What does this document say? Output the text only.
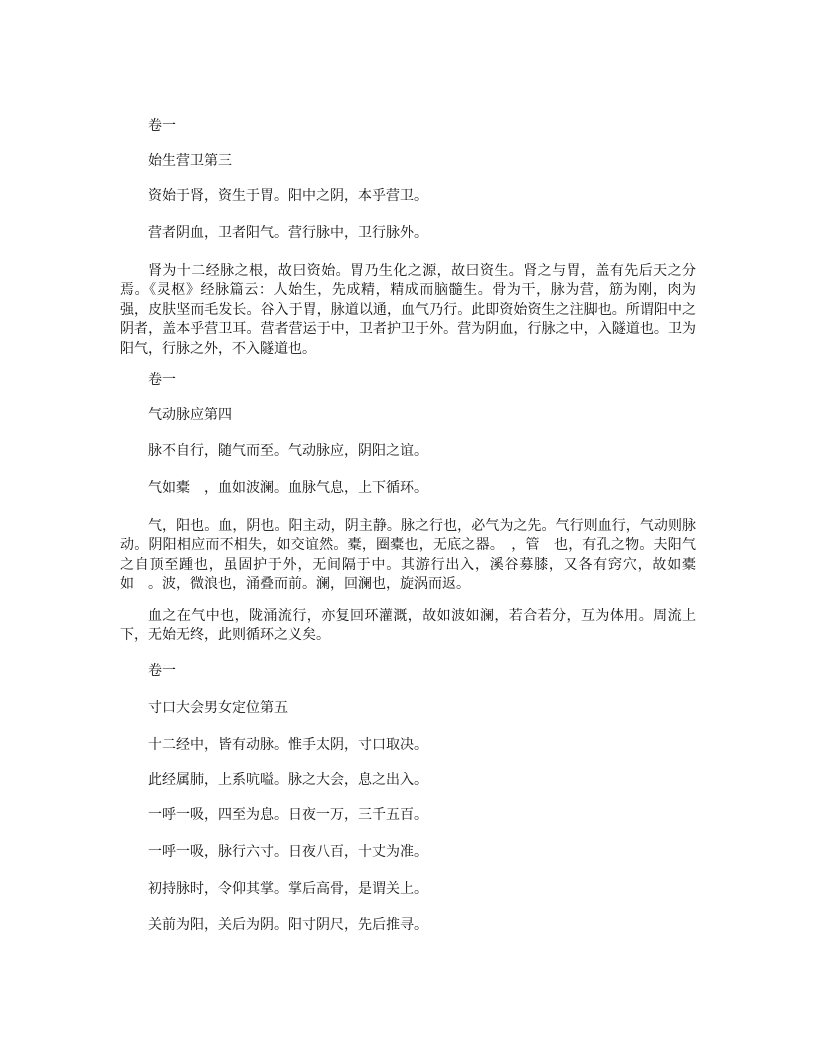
卷一

始生营卫第三

资始于肾，资生于胃。阳中之阴，本乎营卫。

营者阴血，卫者阳气。营行脉中，卫行脉外。

肾为十二经脉之根，故曰资始。胃乃生化之源，故曰资生。肾之与胃，盖有先后天之分焉。《灵枢》经脉篇云：人始生，先成精，精成而脑髓生。骨为干，脉为营，筋为刚，肉为强，皮肤坚而毛发长。谷入于胃，脉道以通，血气乃行。此即资始资生之注脚也。所谓阳中之阴者，盖本乎营卫耳。营者营运于中，卫者护卫于外。营为阴血，行脉之中，入隧道也。卫为阳气，行脉之外，不入隧道也。

卷一

气动脉应第四

脉不自行，随气而至。气动脉应，阴阳之谊。

气如橐　，血如波澜。血脉气息，上下循环。

气，阳也。血，阴也。阳主动，阴主静。脉之行也，必气为之先。气行则血行，气动则脉动。阴阳相应而不相失，如交谊然。橐，圈橐也，无底之器。　，管　也，有孔之物。夫阳气之自顶至踵也，虽固护于外，无间隔于中。其游行出入，溪谷募膝，又各有窍穴，故如橐如　。波，微浪也，涌叠而前。澜，回澜也，旋涡而返。

血之在气中也，陇涌流行，亦复回环灌溉，故如波如澜，若合若分，互为体用。周流上下，无始无终，此则循环之义矣。

卷一

寸口大会男女定位第五

十二经中，皆有动脉。惟手太阴，寸口取决。

此经属肺，上系吭嗌。脉之大会，息之出入。

一呼一吸，四至为息。日夜一万，三千五百。

一呼一吸，脉行六寸。日夜八百，十丈为准。

初持脉时，令仰其掌。掌后高骨，是谓关上。

关前为阳，关后为阴。阳寸阴尺，先后推寻。
